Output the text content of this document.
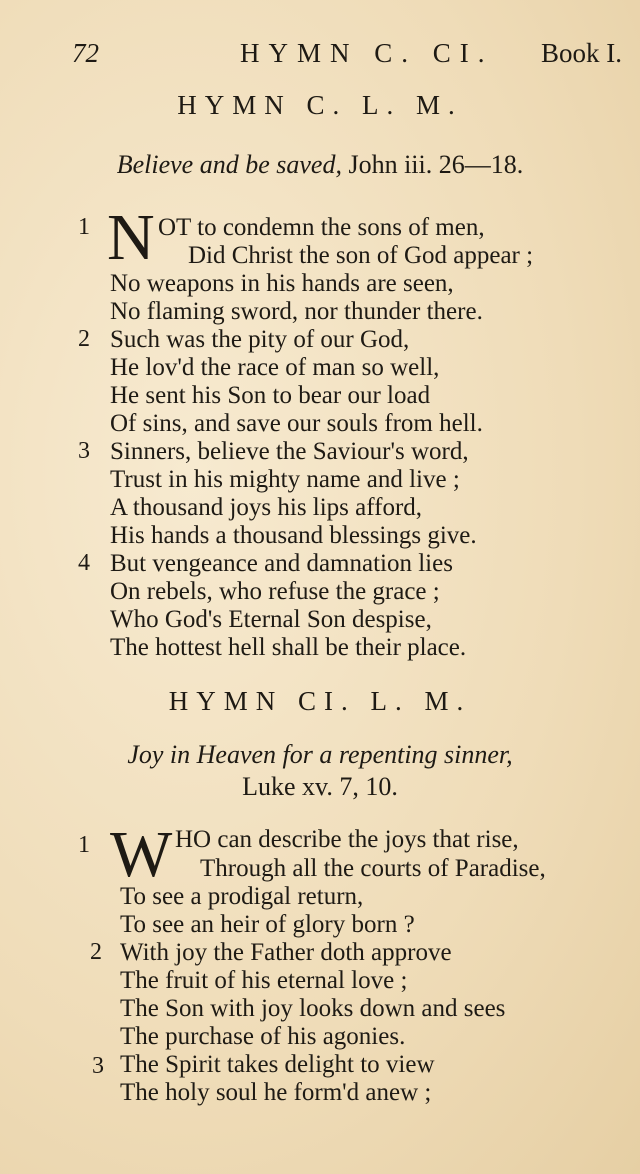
72	HYMN C. CI. Book I.
HYMN C. L. M.
Believe and be saved, John iii. 26—18.
1 N OT to condemn the sons of men,
Did Christ the son of God appear ;
No weapons in his hands are seen,
No flaming sword, nor thunder there.
2 Such was the pity of our God,
He lov'd the race of man so well,
He sent his Son to bear our load
Of sins, and save our souls from hell.
3 Sinners, believe the Saviour's word,
Trust in his mighty name and live ;
A thousand joys his lips afford,
His hands a thousand blessings give.
4 But vengeance and damnation lies
On rebels, who refuse the grace ;
Who God's Eternal Son despise,
The hottest hell shall be their place.
HYMN CI. L. M.
Joy in Heaven for a repenting sinner,
Luke xv. 7, 10.
1 W HO can describe the joys that rise,
Through all the courts of Paradise,
To see a prodigal return,
To see an heir of glory born ?
2 With joy the Father doth approve
The fruit of his eternal love ;
The Son with joy looks down and sees
The purchase of his agonies.
3 The Spirit takes delight to view
The holy soul he form'd anew ;
